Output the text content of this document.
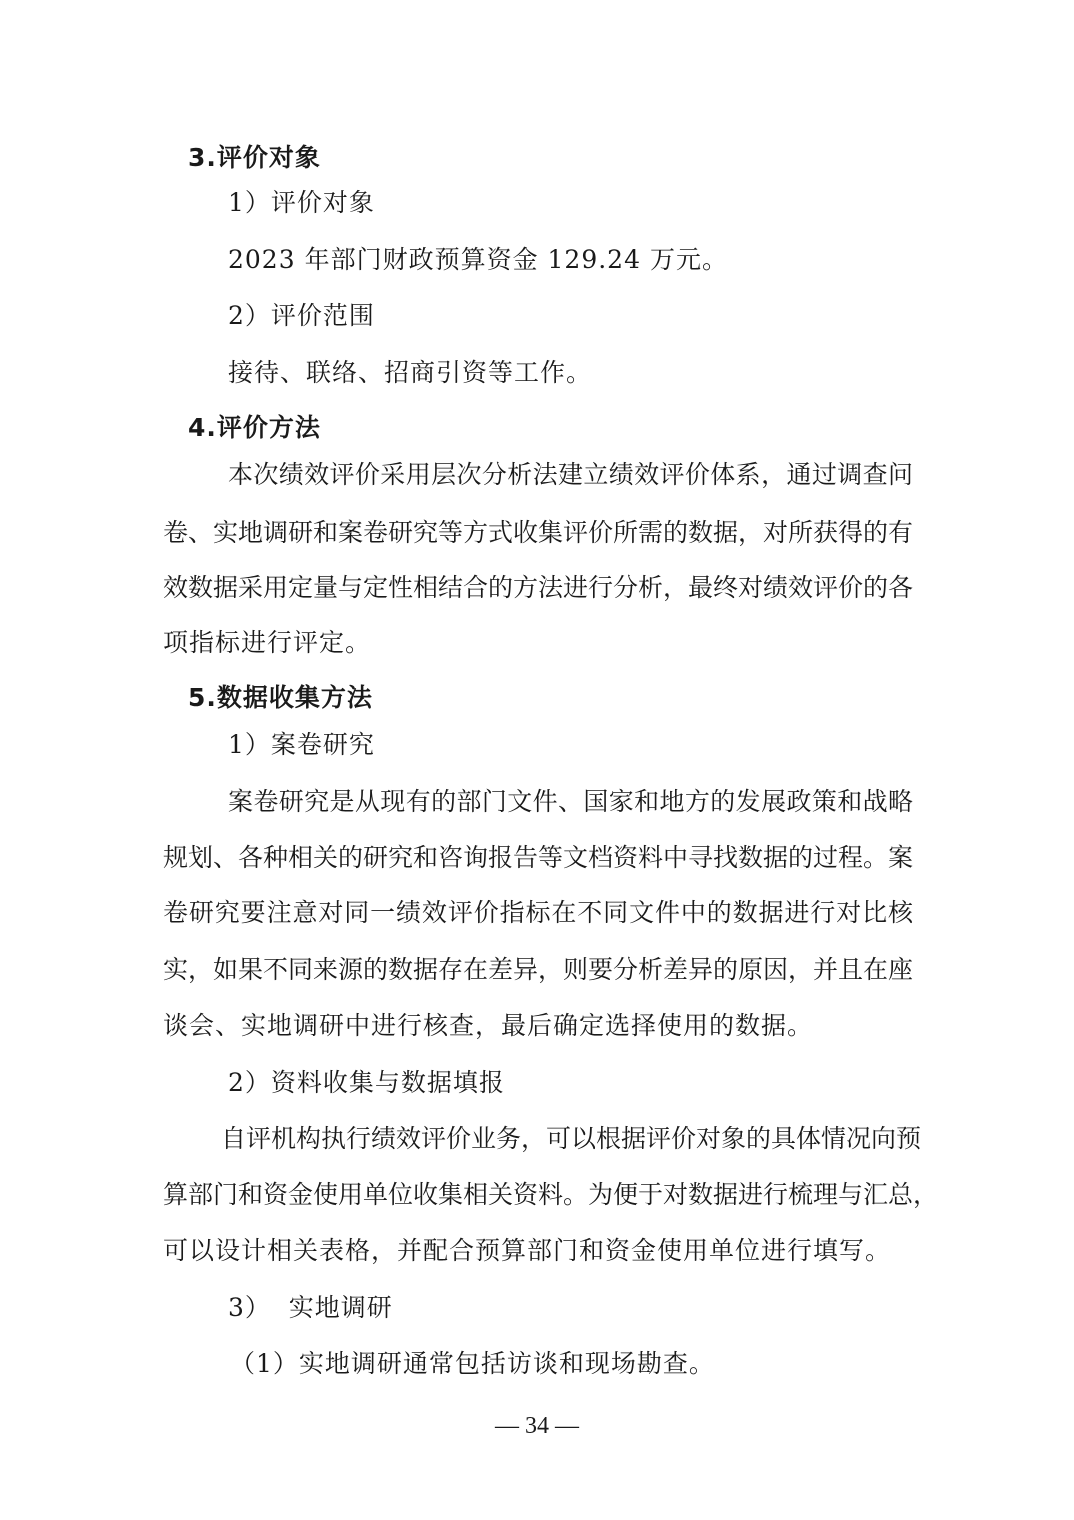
3.评价对象
1）评价对象
2023 年部门财政预算资金 129.24 万元。
2）评价范围
接待、联络、招商引资等工作。
4.评价方法
本次绩效评价采用层次分析法建立绩效评价体系，通过调查问
卷、实地调研和案卷研究等方式收集评价所需的数据，对所获得的有
效数据采用定量与定性相结合的方法进行分析，最终对绩效评价的各
项指标进行评定。
5.数据收集方法
1）案卷研究
案卷研究是从现有的部门文件、国家和地方的发展政策和战略
规划、各种相关的研究和咨询报告等文档资料中寻找数据的过程。案
卷研究要注意对同一绩效评价指标在不同文件中的数据进行对比核
实，如果不同来源的数据存在差异，则要分析差异的原因，并且在座
谈会、实地调研中进行核查，最后确定选择使用的数据。
2）资料收集与数据填报
自评机构执行绩效评价业务，可以根据评价对象的具体情况向预
算部门和资金使用单位收集相关资料。为便于对数据进行梳理与汇总，
可以设计相关表格，并配合预算部门和资金使用单位进行填写。
3）  实地调研
（1）实地调研通常包括访谈和现场勘查。
— 34 —
